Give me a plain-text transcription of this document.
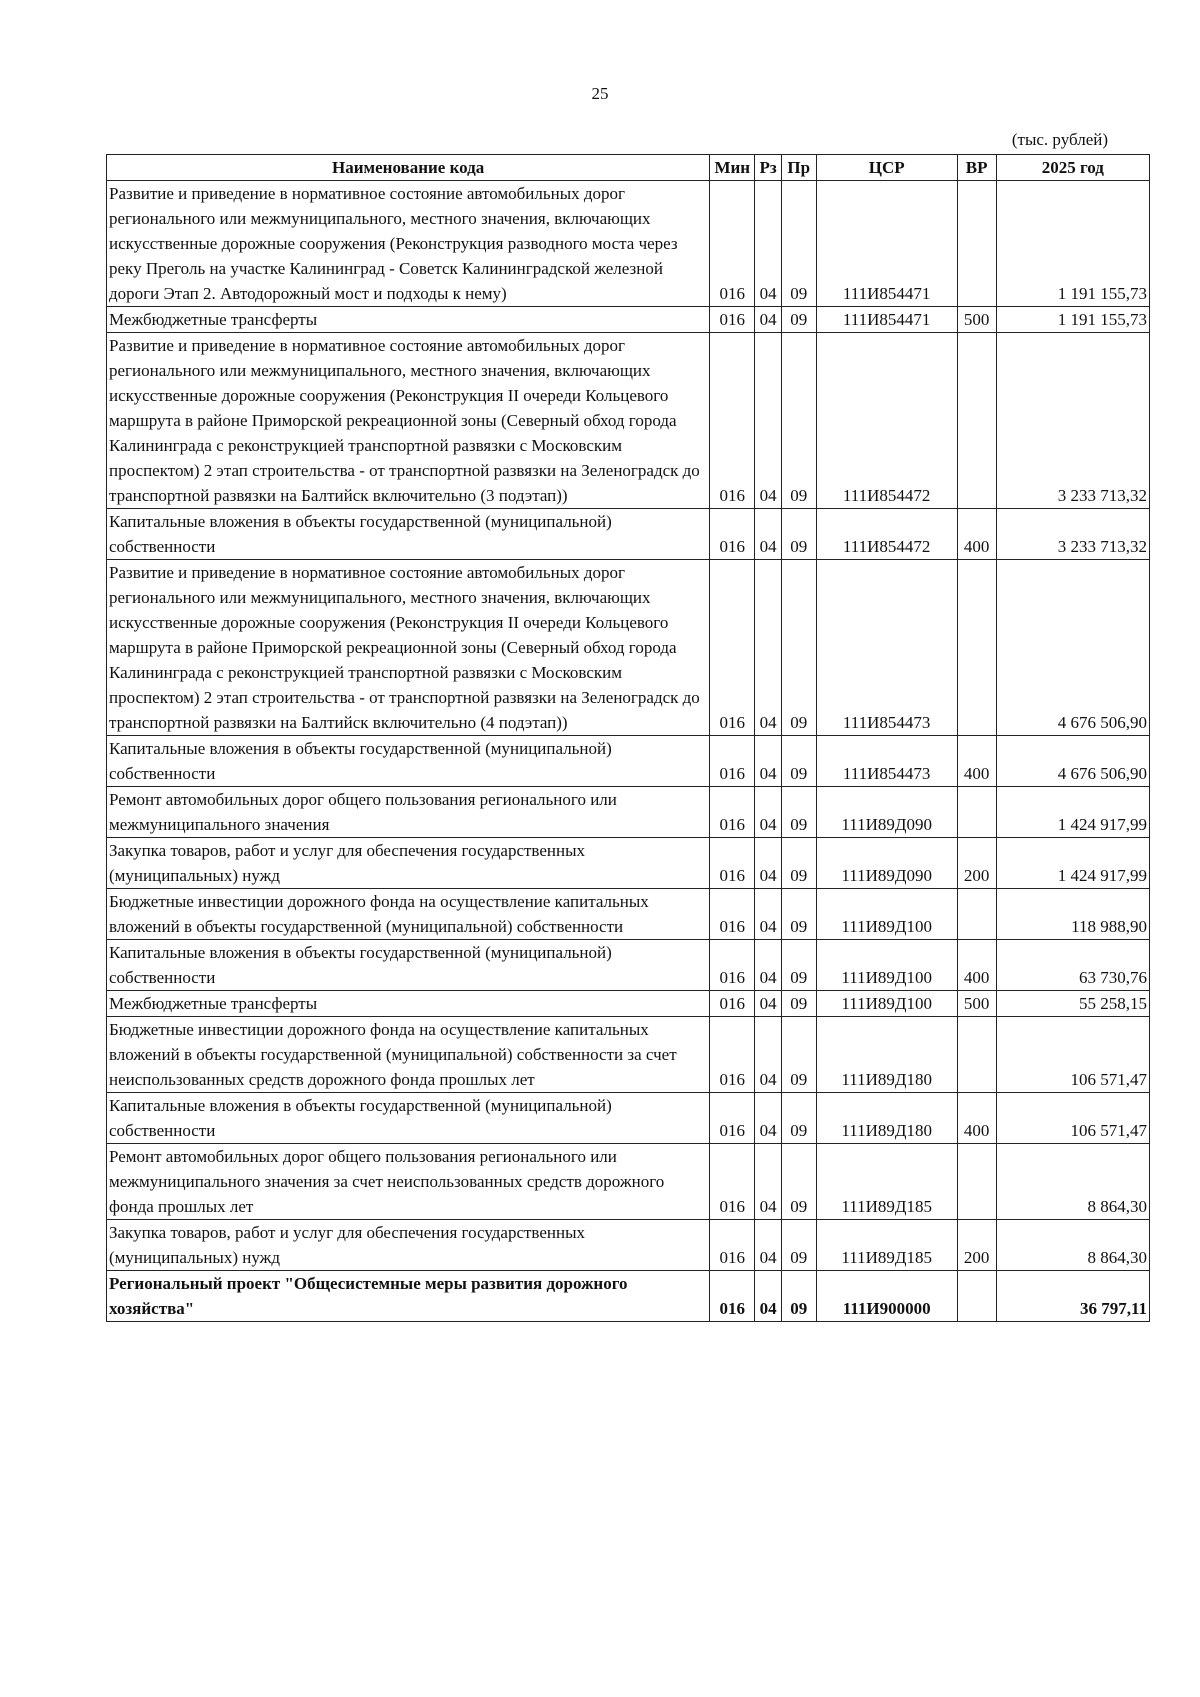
25
(тыс. рублей)
Наименование кода	Мин	Рз	Пр	ЦСР	ВР	2025 год
Развитие и приведение в нормативное состояние автомобильных дорог регионального или межмуниципального, местного значения, включающих искусственные дорожные сооружения (Реконструкция разводного моста через реку Преголь на участке Калининград - Советск Калининградской железной дороги Этап 2. Автодорожный мост и подходы к нему)	016	04	09	111И854471		1 191 155,73
Межбюджетные трансферты	016	04	09	111И854471	500	1 191 155,73
Развитие и приведение в нормативное состояние автомобильных дорог регионального или межмуниципального, местного значения, включающих искусственные дорожные сооружения (Реконструкция II очереди Кольцевого маршрута в районе Приморской рекреационной зоны (Северный обход города Калининграда с реконструкцией транспортной развязки с Московским проспектом) 2 этап строительства - от транспортной развязки на Зеленоградск до транспортной развязки на Балтийск включительно (3 подэтап))	016	04	09	111И854472		3 233 713,32
Капитальные вложения в объекты государственной (муниципальной) собственности	016	04	09	111И854472	400	3 233 713,32
Развитие и приведение в нормативное состояние автомобильных дорог регионального или межмуниципального, местного значения, включающих искусственные дорожные сооружения (Реконструкция II очереди Кольцевого маршрута в районе Приморской рекреационной зоны (Северный обход города Калининграда с реконструкцией транспортной развязки с Московским проспектом) 2 этап строительства - от транспортной развязки на Зеленоградск до транспортной развязки на Балтийск включительно (4 подэтап))	016	04	09	111И854473		4 676 506,90
Капитальные вложения в объекты государственной (муниципальной) собственности	016	04	09	111И854473	400	4 676 506,90
Ремонт автомобильных дорог общего пользования регионального или межмуниципального значения	016	04	09	111И89Д090		1 424 917,99
Закупка товаров, работ и услуг для обеспечения государственных (муниципальных) нужд	016	04	09	111И89Д090	200	1 424 917,99
Бюджетные инвестиции дорожного фонда на осуществление капитальных вложений в объекты государственной (муниципальной) собственности	016	04	09	111И89Д100		118 988,90
Капитальные вложения в объекты государственной (муниципальной) собственности	016	04	09	111И89Д100	400	63 730,76
Межбюджетные трансферты	016	04	09	111И89Д100	500	55 258,15
Бюджетные инвестиции дорожного фонда на осуществление капитальных вложений в объекты государственной (муниципальной) собственности за счет неиспользованных средств дорожного фонда прошлых лет	016	04	09	111И89Д180		106 571,47
Капитальные вложения в объекты государственной (муниципальной) собственности	016	04	09	111И89Д180	400	106 571,47
Ремонт автомобильных дорог общего пользования регионального или межмуниципального значения за счет неиспользованных средств дорожного фонда прошлых лет	016	04	09	111И89Д185		8 864,30
Закупка товаров, работ и услуг для обеспечения государственных (муниципальных) нужд	016	04	09	111И89Д185	200	8 864,30
Региональный проект "Общесистемные меры развития дорожного хозяйства"	016	04	09	111И900000		36 797,11
